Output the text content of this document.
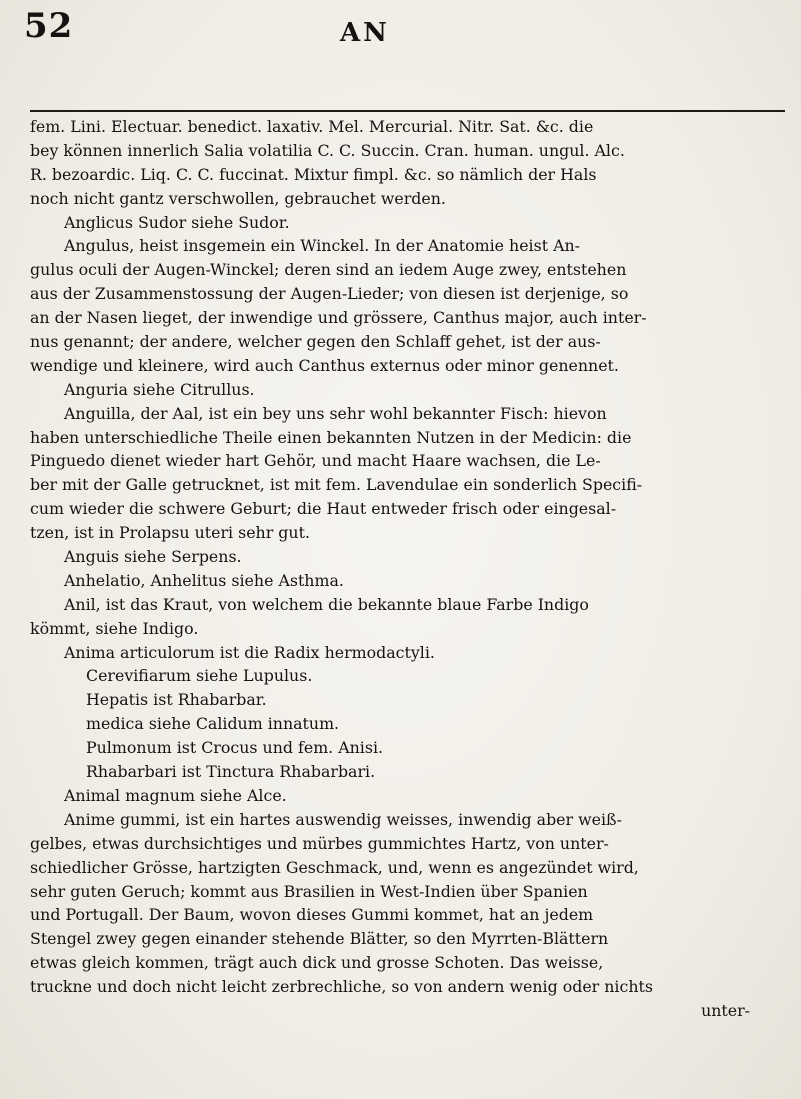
52	AN
fem. Lini. Electuar. benedict. laxativ. Mel. Mercurial. Nitr. Sat. &c. die
bey können innerlich Salia volatilia C. C. Succin. Cran. human. ungul. Alc.
R. bezoardic. Liq. C. C. fuccinat. Mixtur fimpl. &c. so nämlich der Hals
noch nicht gantz verschwollen, gebrauchet werden.
Anglicus Sudor siehe Sudor.
Angulus, heist insgemein ein Winckel. In der Anatomie heist An-
gulus oculi der Augen-Winckel; deren sind an iedem Auge zwey, entstehen
aus der Zusammenstossung der Augen-Lieder; von diesen ist derjenige, so
an der Nasen lieget, der inwendige und grössere, Canthus major, auch inter-
nus genannt; der andere, welcher gegen den Schlaff gehet, ist der aus-
wendige und kleinere, wird auch Canthus externus oder minor genennet.
Anguria siehe Citrullus.
Anguilla, der Aal, ist ein bey uns sehr wohl bekannter Fisch: hievon
haben unterschiedliche Theile einen bekannten Nutzen in der Medicin: die
Pinguedo dienet wieder hart Gehör, und macht Haare wachsen, die Le-
ber mit der Galle getrucknet, ist mit fem. Lavendulae ein sonderlich Specifi-
cum wieder die schwere Geburt; die Haut entweder frisch oder eingesal-
tzen, ist in Prolapsu uteri sehr gut.
Anguis siehe Serpens.
Anhelatio, Anhelitus siehe Asthma.
Anil, ist das Kraut, von welchem die bekannte blaue Farbe Indigo
kömmt, siehe Indigo.
Anima articulorum ist die Radix hermodactyli.
Cerevifiarum siehe Lupulus.
Hepatis ist Rhabarbar.
medica siehe Calidum innatum.
Pulmonum ist Crocus und fem. Anisi.
Rhabarbari ist Tinctura Rhabarbari.
Animal magnum siehe Alce.
Anime gummi, ist ein hartes auswendig weisses, inwendig aber weiß-
gelbes, etwas durchsichtiges und mürbes gummichtes Hartz, von unter-
schiedlicher Grösse, hartzigten Geschmack, und, wenn es angezündet wird,
sehr guten Geruch; kommt aus Brasilien in West-Indien über Spanien
und Portugall. Der Baum, wovon dieses Gummi kommet, hat an jedem
Stengel zwey gegen einander stehende Blätter, so den Myrrten-Blättern
etwas gleich kommen, trägt auch dick und grosse Schoten. Das weisse,
truckne und doch nicht leicht zerbrechliche, so von andern wenig oder nichts
unter-
